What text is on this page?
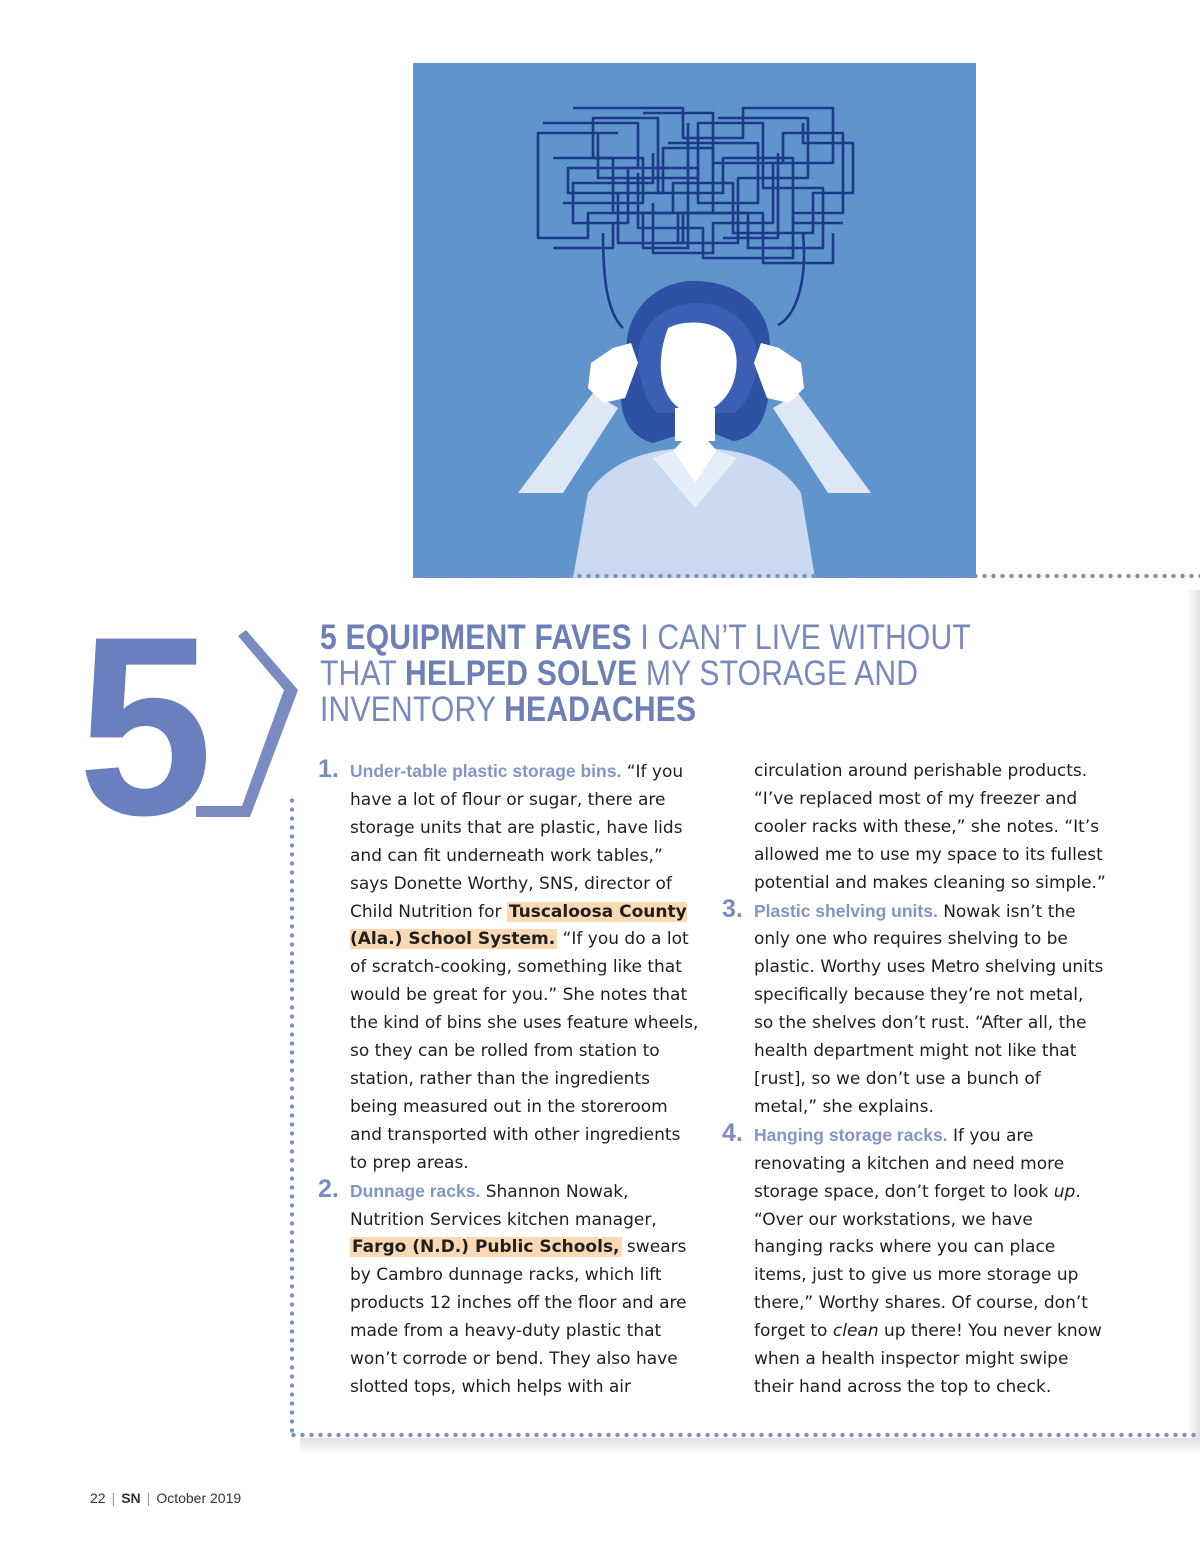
5	5 EQUIPMENT FAVES I CAN’T LIVE WITHOUT THAT HELPED SOLVE MY STORAGE AND INVENTORY HEADACHES
1. Under-table plastic storage bins. “If you have a lot of flour or sugar, there are storage units that are plastic, have lids and can fit underneath work tables,” says Donette Worthy, SNS, director of Child Nutrition for Tuscaloosa County (Ala.) School System. “If you do a lot of scratch-cooking, something like that would be great for you.” She notes that the kind of bins she uses feature wheels, so they can be rolled from station to station, rather than the ingredients being measured out in the storeroom and transported with other ingredients to prep areas.
2. Dunnage racks. Shannon Nowak, Nutrition Services kitchen manager, Fargo (N.D.) Public Schools, swears by Cambro dunnage racks, which lift products 12 inches off the floor and are made from a heavy-duty plastic that won’t corrode or bend. They also have slotted tops, which helps with air
circulation around perishable products. “I’ve replaced most of my freezer and cooler racks with these,” she notes. “It’s allowed me to use my space to its fullest potential and makes cleaning so simple.”
3. Plastic shelving units. Nowak isn’t the only one who requires shelving to be plastic. Worthy uses Metro shelving units specifically because they’re not metal, so the shelves don’t rust. “After all, the health department might not like that [rust], so we don’t use a bunch of metal,” she explains.
4. Hanging storage racks. If you are renovating a kitchen and need more storage space, don’t forget to look up. “Over our workstations, we have hanging racks where you can place items, just to give us more storage up there,” Worthy shares. Of course, don’t forget to clean up there! You never know when a health inspector might swipe their hand across the top to check.
22 | SN | October 2019
